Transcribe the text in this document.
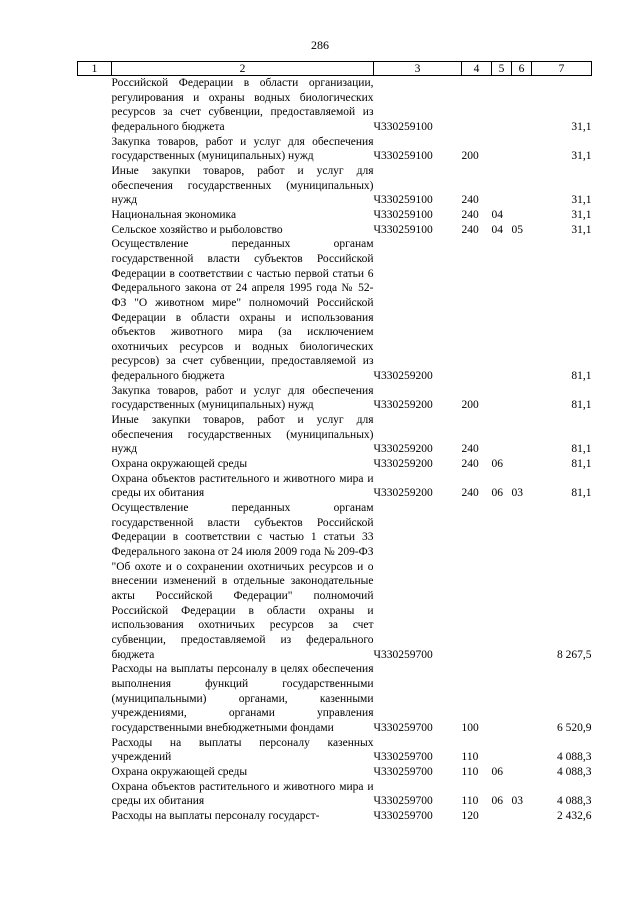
286
1	2	3	4	5	6	7
	Российской Федерации в области организации, регулирования и охраны водных биологических ресурсов за счет субвенции, предоставляемой из федерального бюджета	Ч330259100				31,1
	Закупка товаров, работ и услуг для обеспечения государственных (муниципальных) нужд	Ч330259100	200			31,1
	Иные закупки товаров, работ и услуг для обеспечения государственных (муниципальных) нужд	Ч330259100	240			31,1
	Национальная экономика	Ч330259100	240	04		31,1
	Сельское хозяйство и рыболовство	Ч330259100	240	04	05	31,1
	Осуществление переданных органам государственной власти субъектов Российской Федерации в соответствии с частью первой статьи 6 Федерального закона от 24 апреля 1995 года № 52-ФЗ "О животном мире" полномочий Российской Федерации в области охраны и использования объектов животного мира (за исключением охотничьих ресурсов и водных биологических ресурсов) за счет субвенции, предоставляемой из федерального бюджета	Ч330259200				81,1
	Закупка товаров, работ и услуг для обеспечения государственных (муниципальных) нужд	Ч330259200	200			81,1
	Иные закупки товаров, работ и услуг для обеспечения государственных (муниципальных) нужд	Ч330259200	240			81,1
	Охрана окружающей среды	Ч330259200	240	06		81,1
	Охрана объектов растительного и животного мира и среды их обитания	Ч330259200	240	06	03	81,1
	Осуществление переданных органам государственной власти субъектов Российской Федерации в соответствии с частью 1 статьи 33 Федерального закона от 24 июля 2009 года № 209-ФЗ "Об охоте и о сохранении охотничьих ресурсов и о внесении изменений в отдельные законодательные акты Российской Федерации" полномочий Российской Федерации в области охраны и использования охотничьих ресурсов за счет субвенции, предоставляемой из федерального бюджета	Ч330259700				8 267,5
	Расходы на выплаты персоналу в целях обеспечения выполнения функций государственными (муниципальными) органами, казенными учреждениями, органами управления государственными внебюджетными фондами	Ч330259700	100			6 520,9
	Расходы на выплаты персоналу казенных учреждений	Ч330259700	110			4 088,3
	Охрана окружающей среды	Ч330259700	110	06		4 088,3
	Охрана объектов растительного и животного мира и среды их обитания	Ч330259700	110	06	03	4 088,3
	Расходы на выплаты персоналу государст-	Ч330259700	120			2 432,6
